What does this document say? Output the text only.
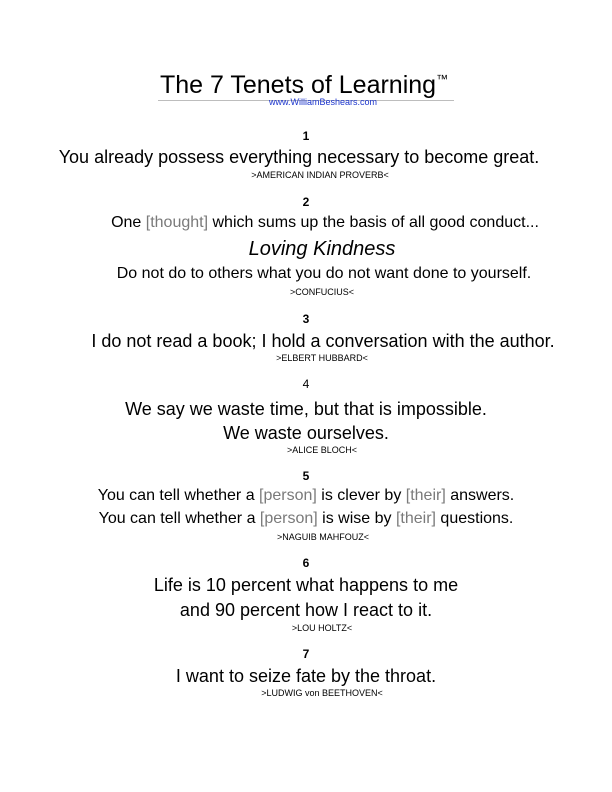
The 7 Tenets of Learning™
www.WilliamBeshears.com
1
You already possess everything necessary to become great.
>AMERICAN INDIAN PROVERB<
2
One [thought] which sums up the basis of all good conduct...
Loving Kindness
Do not do to others what you do not want done to yourself.
>CONFUCIUS<
3
I do not read a book; I hold a conversation with the author.
>ELBERT HUBBARD<
4
We say we waste time, but that is impossible.
We waste ourselves.
>ALICE BLOCH<
5
You can tell whether a [person] is clever by [their] answers.
You can tell whether a [person] is wise by [their] questions.
>NAGUIB MAHFOUZ<
6
Life is 10 percent what happens to me
and 90 percent how I react to it.
>LOU HOLTZ<
7
I want to seize fate by the throat.
>LUDWIG von BEETHOVEN<
